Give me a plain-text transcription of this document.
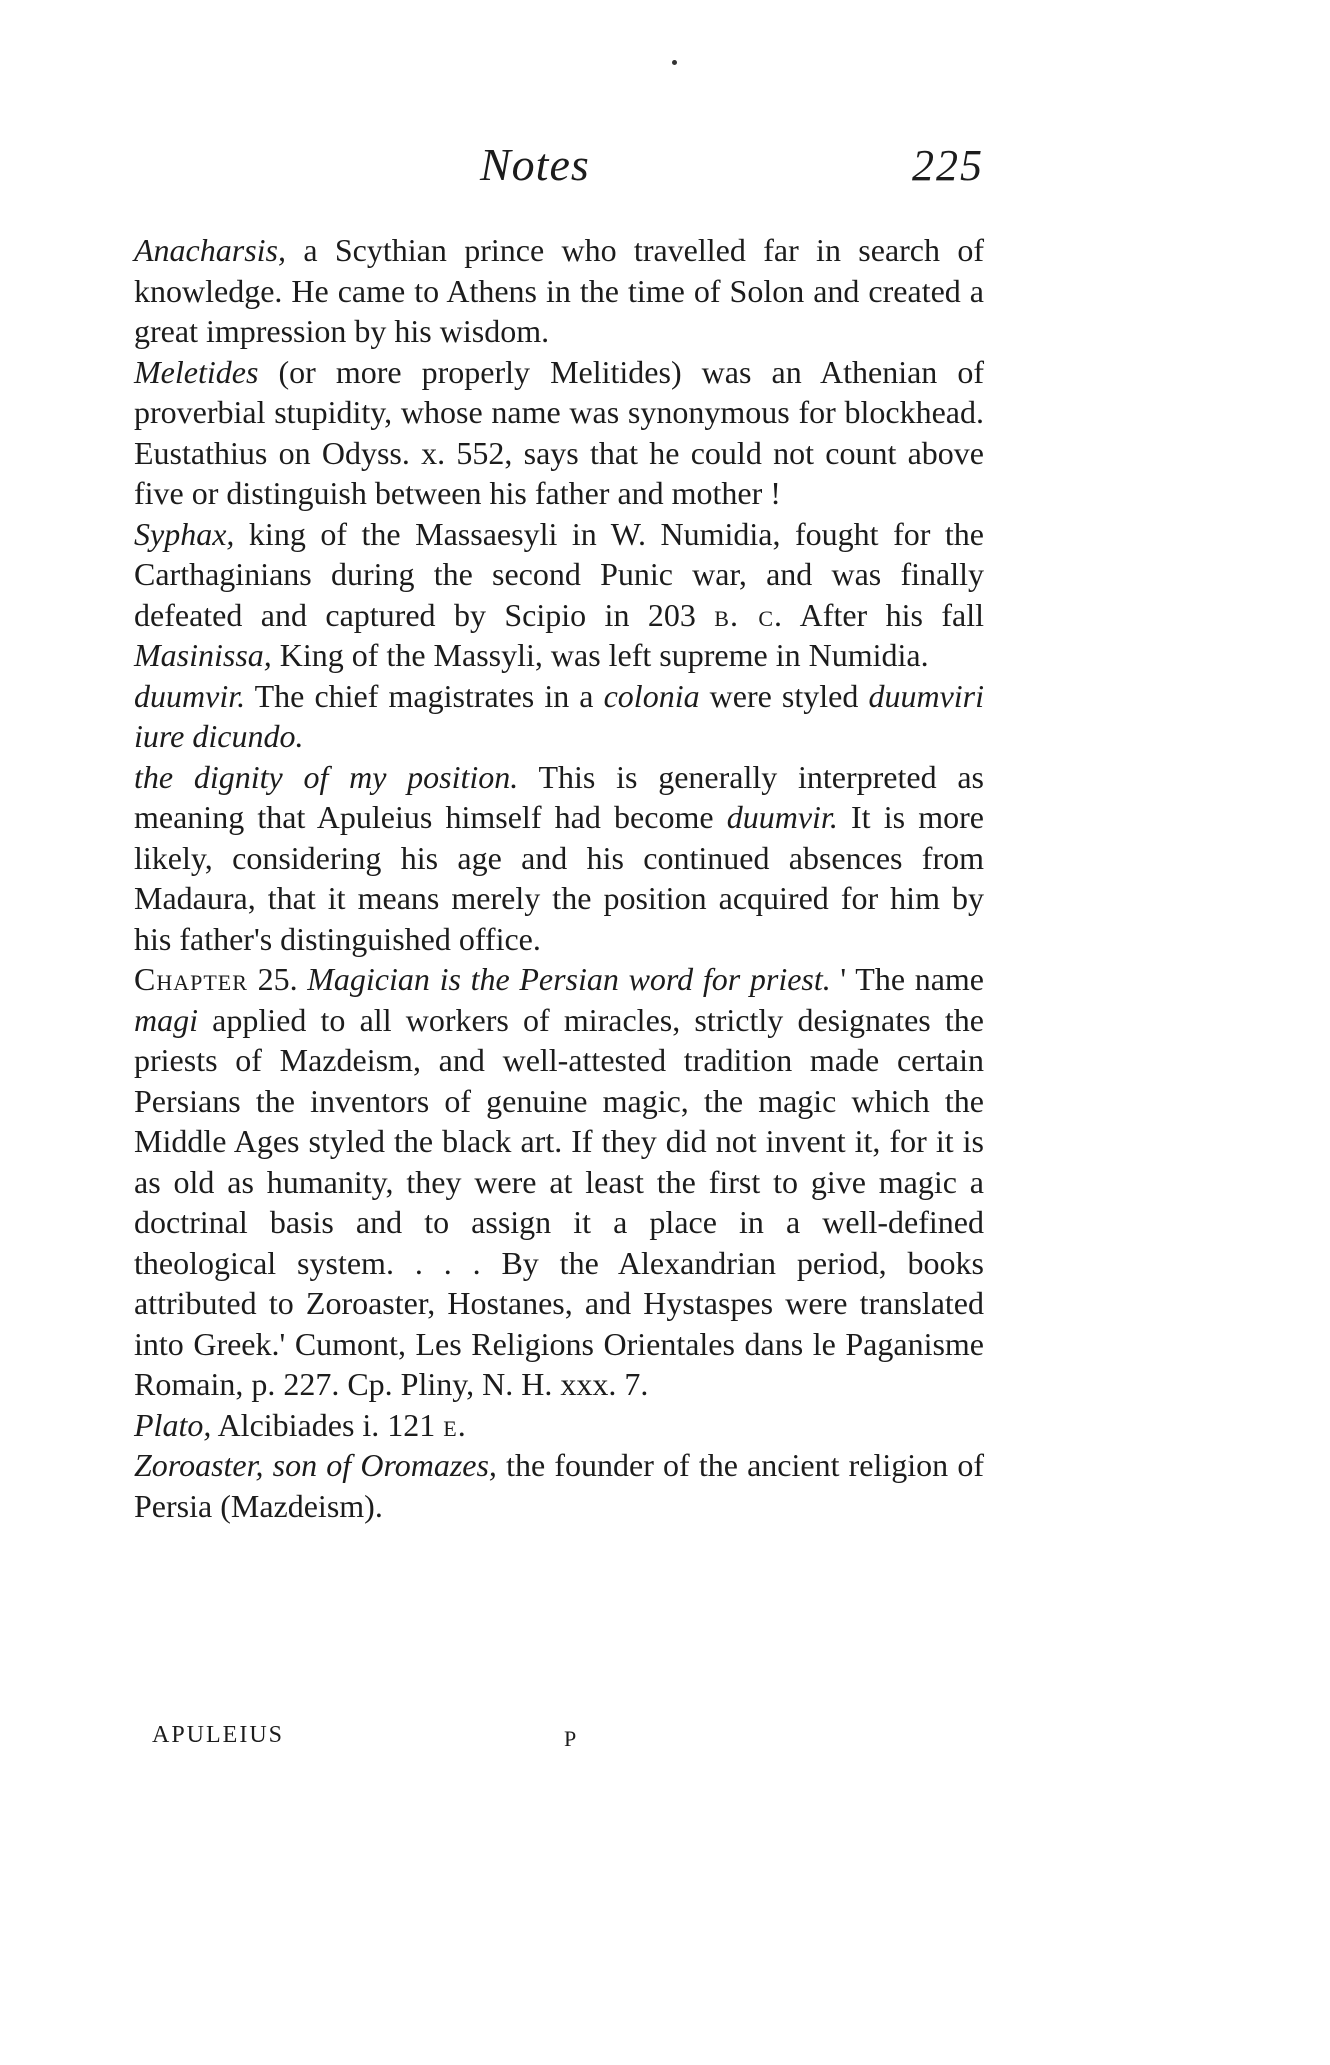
Notes	225

Anacharsis, a Scythian prince who travelled far in search of knowledge. He came to Athens in the time of Solon and created a great impression by his wisdom.

Meletides (or more properly Melitides) was an Athenian of proverbial stupidity, whose name was synonymous for blockhead. Eustathius on Odyss. x. 552, says that he could not count above five or distinguish between his father and mother !

Syphax, king of the Massaesyli in W. Numidia, fought for the Carthaginians during the second Punic war, and was finally defeated and captured by Scipio in 203 b. c. After his fall Masinissa, King of the Massyli, was left supreme in Numidia.

duumvir. The chief magistrates in a colonia were styled duumviri iure dicundo.

the dignity of my position. This is generally interpreted as meaning that Apuleius himself had become duumvir. It is more likely, considering his age and his continued absences from Madaura, that it means merely the position acquired for him by his father's distinguished office.

Chapter 25. Magician is the Persian word for priest. ' The name magi applied to all workers of miracles, strictly designates the priests of Mazdeism, and well-attested tradition made certain Persians the inventors of genuine magic, the magic which the Middle Ages styled the black art. If they did not invent it, for it is as old as humanity, they were at least the first to give magic a doctrinal basis and to assign it a place in a well-defined theological system. . . . By the Alexandrian period, books attributed to Zoroaster, Hostanes, and Hystaspes were translated into Greek.' Cumont, Les Religions Orientales dans le Paganisme Romain, p. 227. Cp. Pliny, N. H. xxx. 7.

Plato, Alcibiades i. 121 e.

Zoroaster, son of Oromazes, the founder of the ancient religion of Persia (Mazdeism).

APULEIUS	P
